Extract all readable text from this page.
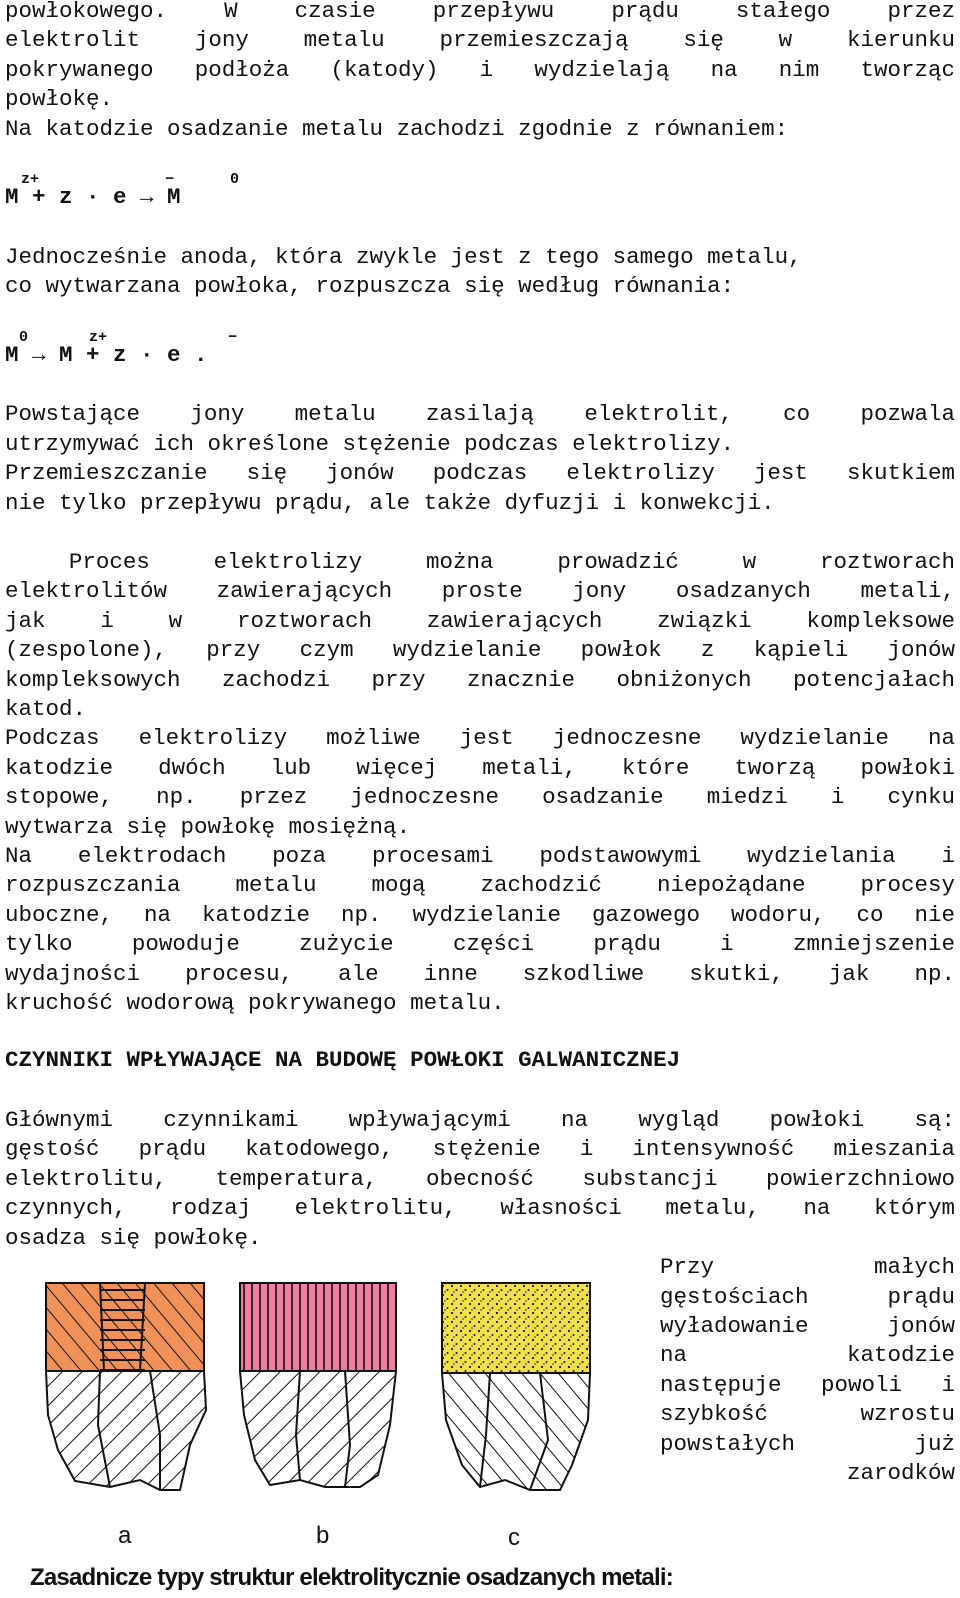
powłokowego. W czasie przepływu prądu stałego przez
elektrolit jony metalu przemieszczają się w kierunku
pokrywanego podłoża (katody) i wydzielają na nim tworząc
powłokę.
Na katodzie osadzanie metalu zachodzi zgodnie z równaniem:
z+	−	0
M + z · e → M
Jednocześnie anoda, która zwykle jest z tego samego metalu,
co wytwarzana powłoka, rozpuszcza się według równania:
0	z+	−
M → M + z · e .
Powstające jony metalu zasilają elektrolit, co pozwala
utrzymywać ich określone stężenie podczas elektrolizy.
Przemieszczanie się jonów podczas elektrolizy jest skutkiem
nie tylko przepływu prądu, ale także dyfuzji i konwekcji.
Proces elektrolizy można prowadzić w roztworach
elektrolitów zawierających proste jony osadzanych metali,
jak i w roztworach zawierających związki kompleksowe
(zespolone), przy czym wydzielanie powłok z kąpieli jonów
kompleksowych zachodzi przy znacznie obniżonych potencjałach
katod.
Podczas elektrolizy możliwe jest jednoczesne wydzielanie na
katodzie dwóch lub więcej metali, które tworzą powłoki
stopowe, np. przez jednoczesne osadzanie miedzi i cynku
wytwarza się powłokę mosiężną.
Na elektrodach poza procesami podstawowymi wydzielania i
rozpuszczania metalu mogą zachodzić niepożądane procesy
uboczne, na katodzie np. wydzielanie gazowego wodoru, co nie
tylko powoduje zużycie części prądu i zmniejszenie
wydajności procesu, ale inne szkodliwe skutki, jak np.
kruchość wodorową pokrywanego metalu.
CZYNNIKI WPŁYWAJĄCE NA BUDOWĘ POWŁOKI GALWANICZNEJ
Głównymi czynnikami wpływającymi na wygląd powłoki są:
gęstość prądu katodowego, stężenie i intensywność mieszania
elektrolitu, temperatura, obecność substancji powierzchniowo
czynnych, rodzaj elektrolitu, własności metalu, na którym
osadza się powłokę.
Przy małych
gęstościach prądu
wyładowanie jonów
na katodzie
następuje powoli i
szybkość wzrostu
powstałych już
zarodków
a	b	c
Zasadnicze typy struktur elektrolitycznie osadzanych metali:
